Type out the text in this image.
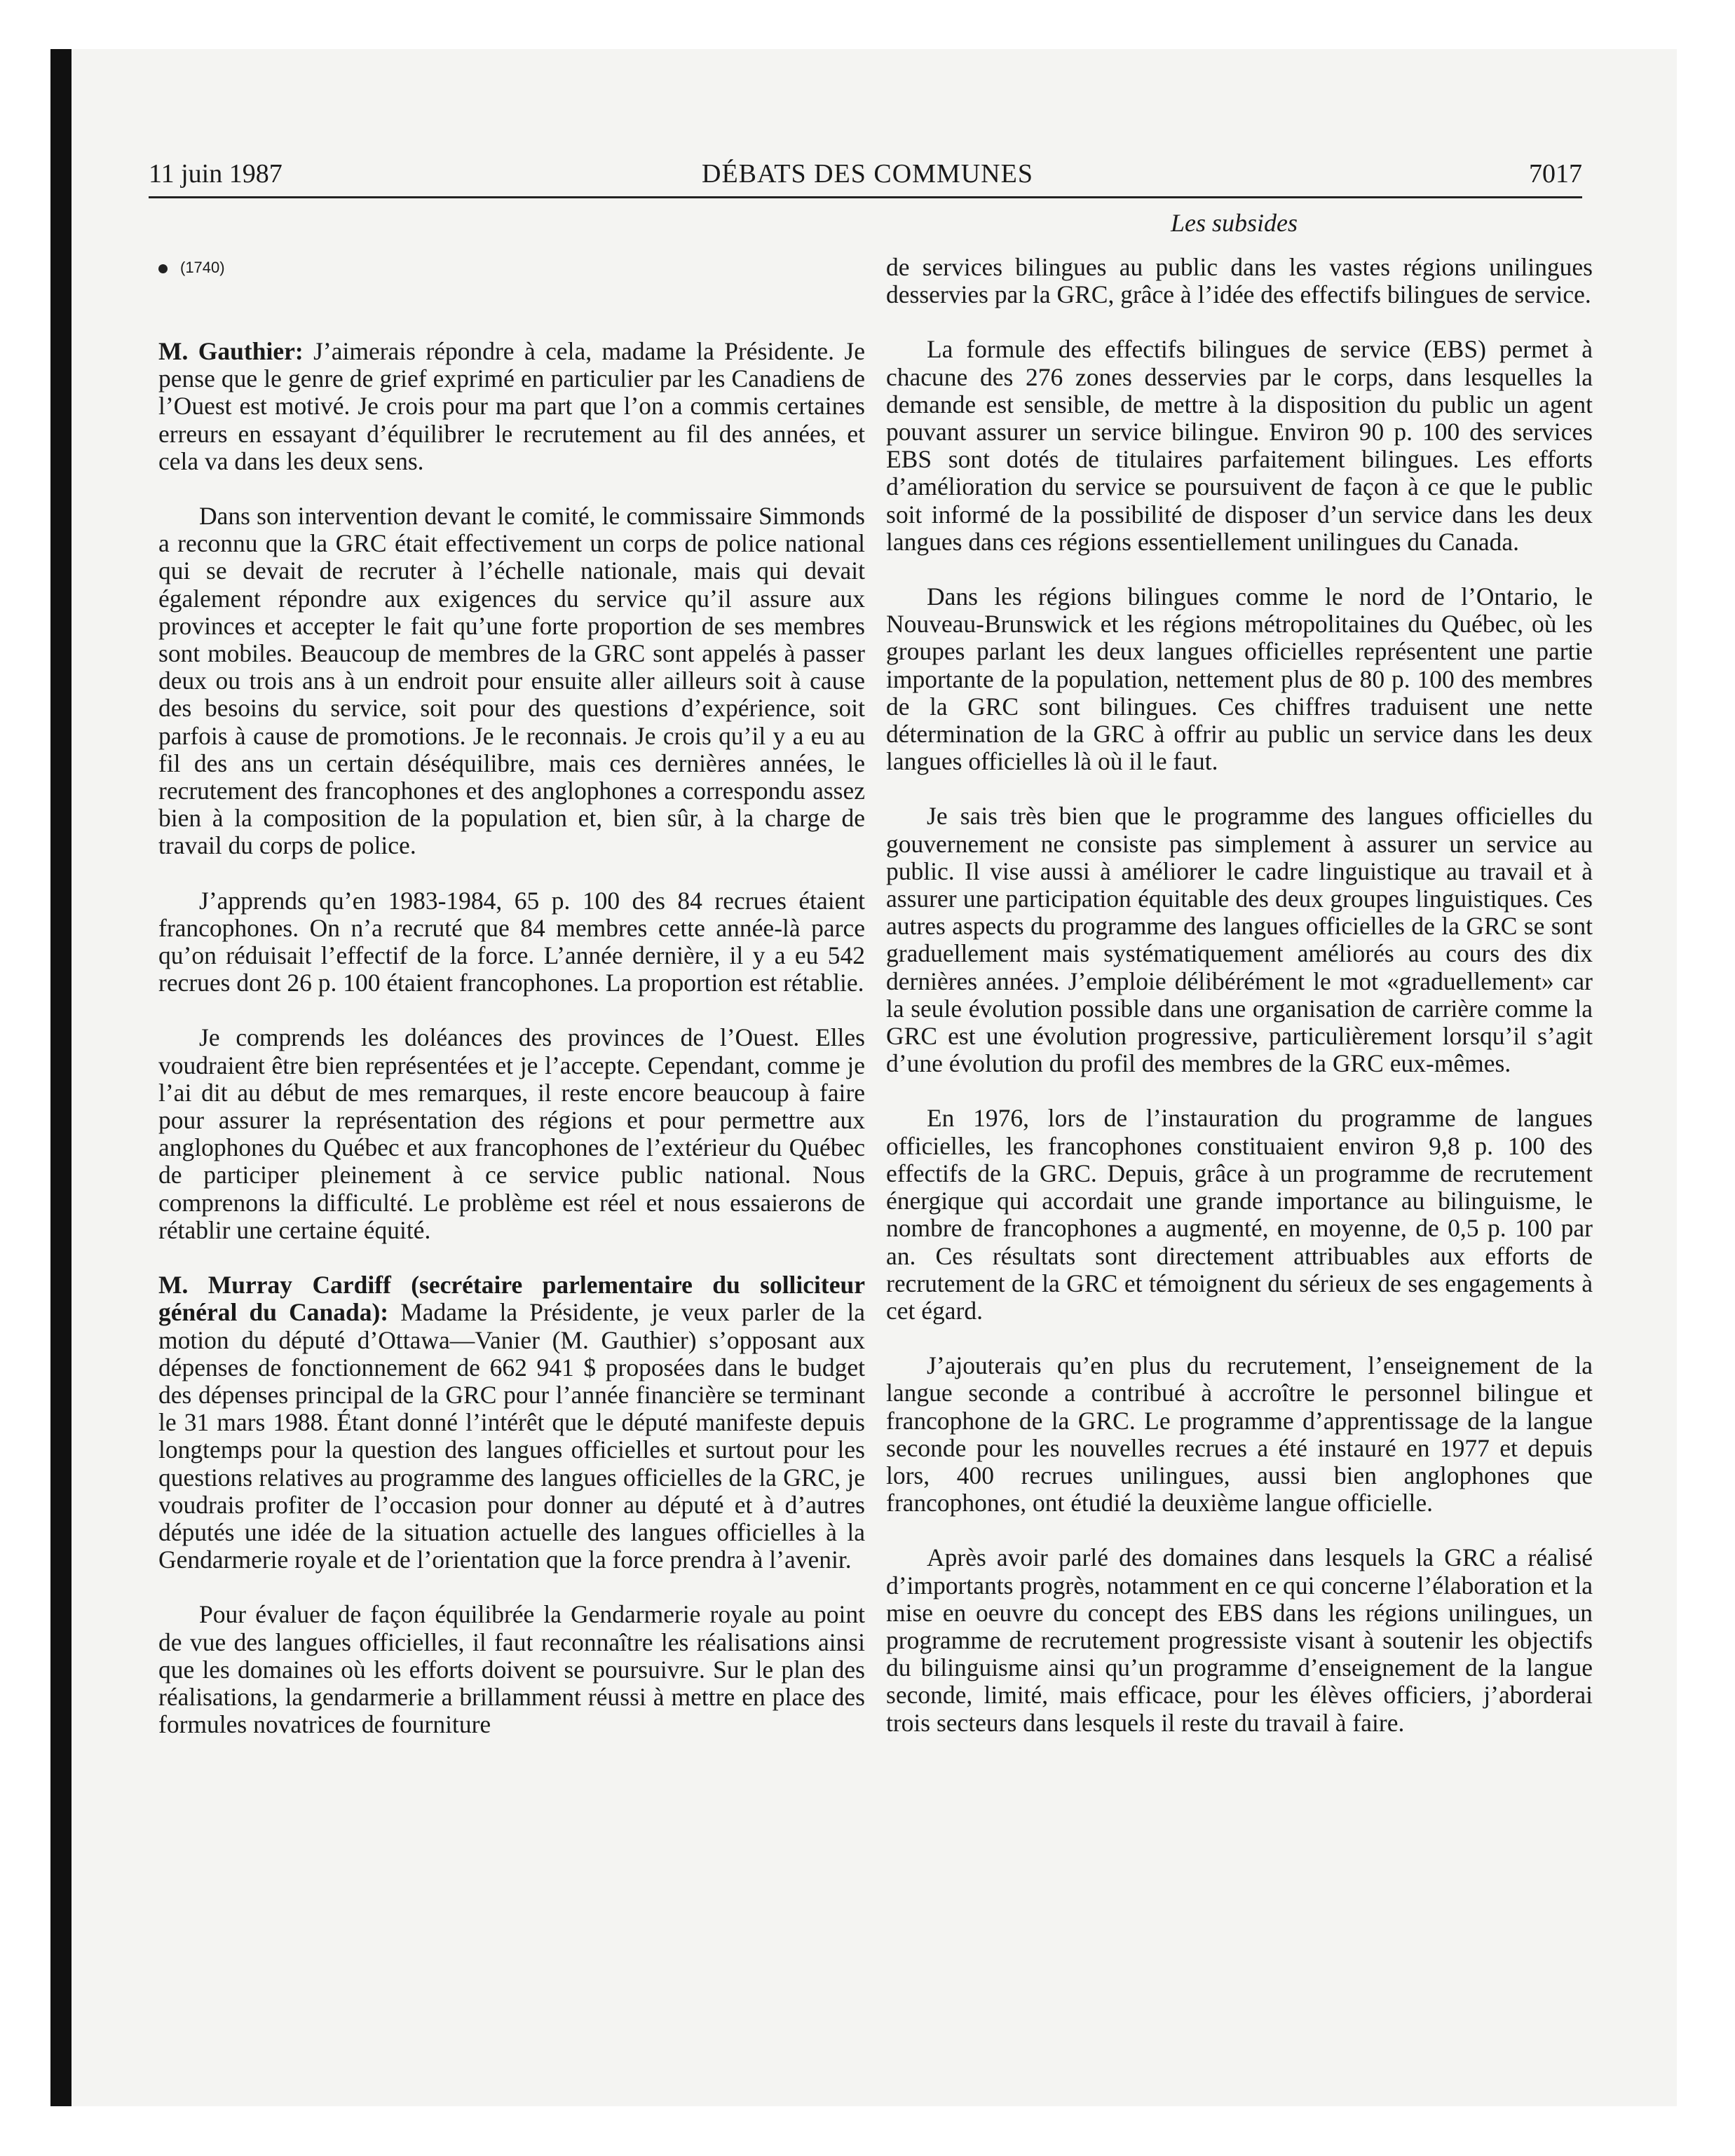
11 juin 1987	DÉBATS DES COMMUNES	7017
Les subsides
(1740)

M. Gauthier: J’aimerais répondre à cela, madame la Présidente. Je pense que le genre de grief exprimé en particulier par les Canadiens de l’Ouest est motivé. Je crois pour ma part que l’on a commis certaines erreurs en essayant d’équilibrer le recrutement au fil des années, et cela va dans les deux sens.

Dans son intervention devant le comité, le commissaire Simmonds a reconnu que la GRC était effectivement un corps de police national qui se devait de recruter à l’échelle nationale, mais qui devait également répondre aux exigences du service qu’il assure aux provinces et accepter le fait qu’une forte proportion de ses membres sont mobiles. Beaucoup de membres de la GRC sont appelés à passer deux ou trois ans à un endroit pour ensuite aller ailleurs soit à cause des besoins du service, soit pour des questions d’expérience, soit parfois à cause de promotions. Je le reconnais. Je crois qu’il y a eu au fil des ans un certain déséquilibre, mais ces dernières années, le recrutement des francophones et des anglophones a correspondu assez bien à la composition de la population et, bien sûr, à la charge de travail du corps de police.

J’apprends qu’en 1983-1984, 65 p. 100 des 84 recrues étaient francophones. On n’a recruté que 84 membres cette année-là parce qu’on réduisait l’effectif de la force. L’année dernière, il y a eu 542 recrues dont 26 p. 100 étaient francophones. La proportion est rétablie.

Je comprends les doléances des provinces de l’Ouest. Elles voudraient être bien représentées et je l’accepte. Cependant, comme je l’ai dit au début de mes remarques, il reste encore beaucoup à faire pour assurer la représentation des régions et pour permettre aux anglophones du Québec et aux francophones de l’extérieur du Québec de participer pleinement à ce service public national. Nous comprenons la difficulté. Le problème est réel et nous essaierons de rétablir une certaine équité.

M. Murray Cardiff (secrétaire parlementaire du solliciteur général du Canada): Madame la Présidente, je veux parler de la motion du député d’Ottawa—Vanier (M. Gauthier) s’opposant aux dépenses de fonctionnement de 662 941 $ proposées dans le budget des dépenses principal de la GRC pour l’année financière se terminant le 31 mars 1988. Étant donné l’intérêt que le député manifeste depuis longtemps pour la question des langues officielles et surtout pour les questions relatives au programme des langues officielles de la GRC, je voudrais profiter de l’occasion pour donner au député et à d’autres députés une idée de la situation actuelle des langues officielles à la Gendarmerie royale et de l’orientation que la force prendra à l’avenir.

Pour évaluer de façon équilibrée la Gendarmerie royale au point de vue des langues officielles, il faut reconnaître les réalisations ainsi que les domaines où les efforts doivent se poursuivre. Sur le plan des réalisations, la gendarmerie a brillamment réussi à mettre en place des formules novatrices de fourniture

de services bilingues au public dans les vastes régions unilingues desservies par la GRC, grâce à l’idée des effectifs bilingues de service.

La formule des effectifs bilingues de service (EBS) permet à chacune des 276 zones desservies par le corps, dans lesquelles la demande est sensible, de mettre à la disposition du public un agent pouvant assurer un service bilingue. Environ 90 p. 100 des services EBS sont dotés de titulaires parfaitement bilingues. Les efforts d’amélioration du service se poursuivent de façon à ce que le public soit informé de la possibilité de disposer d’un service dans les deux langues dans ces régions essentiellement unilingues du Canada.

Dans les régions bilingues comme le nord de l’Ontario, le Nouveau-Brunswick et les régions métropolitaines du Québec, où les groupes parlant les deux langues officielles représentent une partie importante de la population, nettement plus de 80 p. 100 des membres de la GRC sont bilingues. Ces chiffres traduisent une nette détermination de la GRC à offrir au public un service dans les deux langues officielles là où il le faut.

Je sais très bien que le programme des langues officielles du gouvernement ne consiste pas simplement à assurer un service au public. Il vise aussi à améliorer le cadre linguistique au travail et à assurer une participation équitable des deux groupes linguistiques. Ces autres aspects du programme des langues officielles de la GRC se sont graduellement mais systématiquement améliorés au cours des dix dernières années. J’emploie délibérément le mot «graduellement» car la seule évolution possible dans une organisation de carrière comme la GRC est une évolution progressive, particulièrement lorsqu’il s’agit d’une évolution du profil des membres de la GRC eux-mêmes.

En 1976, lors de l’instauration du programme de langues officielles, les francophones constituaient environ 9,8 p. 100 des effectifs de la GRC. Depuis, grâce à un programme de recrutement énergique qui accordait une grande importance au bilinguisme, le nombre de francophones a augmenté, en moyenne, de 0,5 p. 100 par an. Ces résultats sont directement attribuables aux efforts de recrutement de la GRC et témoignent du sérieux de ses engagements à cet égard.

J’ajouterais qu’en plus du recrutement, l’enseignement de la langue seconde a contribué à accroître le personnel bilingue et francophone de la GRC. Le programme d’apprentissage de la langue seconde pour les nouvelles recrues a été instauré en 1977 et depuis lors, 400 recrues unilingues, aussi bien anglophones que francophones, ont étudié la deuxième langue officielle.

Après avoir parlé des domaines dans lesquels la GRC a réalisé d’importants progrès, notamment en ce qui concerne l’élaboration et la mise en oeuvre du concept des EBS dans les régions unilingues, un programme de recrutement progressiste visant à soutenir les objectifs du bilinguisme ainsi qu’un programme d’enseignement de la langue seconde, limité, mais efficace, pour les élèves officiers, j’aborderai trois secteurs dans lesquels il reste du travail à faire.
